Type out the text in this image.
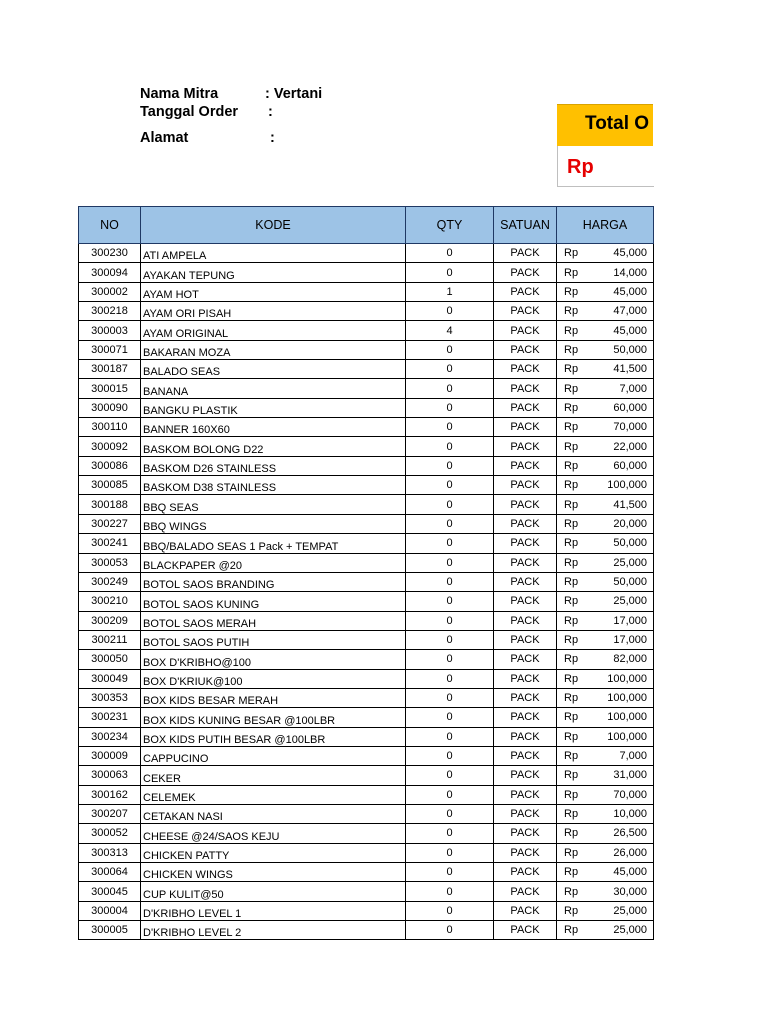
Nama Mitra	: Vertani
Tanggal Order :
Alamat	:
Total O
Rp
NO	KODE	QTY	SATUAN	HARGA
300230	ATI AMPELA	0	PACK	Rp 45,000

300094	AYAKAN TEPUNG	0	PACK	Rp 14,000

300002	AYAM HOT	1	PACK	Rp 45,000

300218	AYAM ORI PISAH	0	PACK	Rp 47,000

300003	AYAM ORIGINAL	4	PACK	Rp 45,000

300071	BAKARAN MOZA	0	PACK	Rp 50,000

300187	BALADO SEAS	0	PACK	Rp 41,500

300015	BANANA	0	PACK	Rp 7,000

300090	BANGKU PLASTIK	0	PACK	Rp 60,000

300110	BANNER 160X60	0	PACK	Rp 70,000

300092	BASKOM BOLONG D22	0	PACK	Rp 22,000

300086	BASKOM D26 STAINLESS	0	PACK	Rp 60,000

300085	BASKOM D38 STAINLESS	0	PACK	Rp 100,000

300188	BBQ SEAS	0	PACK	Rp 41,500

300227	BBQ WINGS	0	PACK	Rp 20,000

300241	BBQ/BALADO SEAS 1 Pack + TEMPAT	0	PACK	Rp 50,000

300053	BLACKPAPER @20	0	PACK	Rp 25,000

300249	BOTOL SAOS BRANDING	0	PACK	Rp 50,000

300210	BOTOL SAOS KUNING	0	PACK	Rp 25,000

300209	BOTOL SAOS MERAH	0	PACK	Rp 17,000

300211	BOTOL SAOS PUTIH	0	PACK	Rp 17,000

300050	BOX D'KRIBHO@100	0	PACK	Rp 82,000

300049	BOX D'KRIUK@100	0	PACK	Rp 100,000

300353	BOX KIDS BESAR MERAH	0	PACK	Rp 100,000

300231	BOX KIDS KUNING BESAR @100LBR	0	PACK	Rp 100,000

300234	BOX KIDS PUTIH BESAR @100LBR	0	PACK	Rp 100,000

300009	CAPPUCINO	0	PACK	Rp 7,000

300063	CEKER	0	PACK	Rp 31,000

300162	CELEMEK	0	PACK	Rp 70,000

300207	CETAKAN NASI	0	PACK	Rp 10,000

300052	CHEESE @24/SAOS KEJU	0	PACK	Rp 26,500

300313	CHICKEN PATTY	0	PACK	Rp 26,000

300064	CHICKEN WINGS	0	PACK	Rp 45,000

300045	CUP KULIT@50	0	PACK	Rp 30,000

300004	D'KRIBHO LEVEL 1	0	PACK	Rp 25,000

300005	D'KRIBHO LEVEL 2	0	PACK	Rp 25,000
